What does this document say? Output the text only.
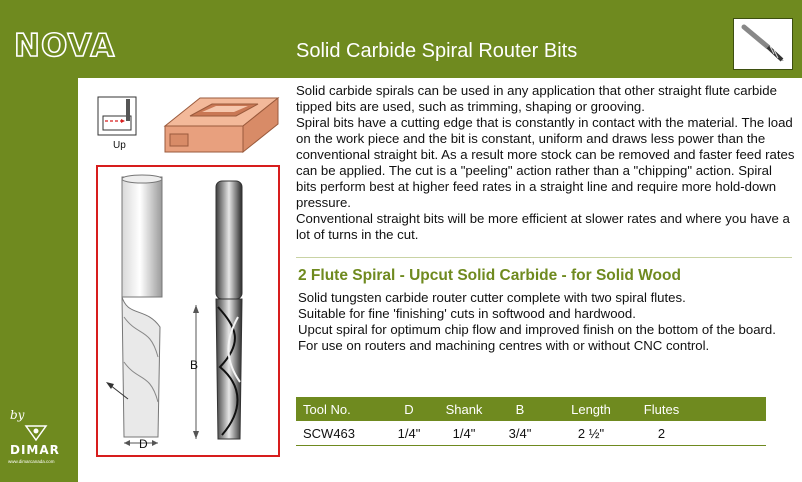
NOVA	Solid Carbide Spiral Router Bits
Up
B
D

Solid carbide spirals can be used in any application that other straight flute carbide tipped bits are used, such as trimming, shaping or grooving.

Spiral bits have a cutting edge that is constantly in contact with the material. The load on the work piece and the bit is constant, uniform and draws less power than the conventional straight bit. As a result more stock can be removed and faster feed rates can be applied. The cut is a "peeling" action rather than a "chipping" action. Spiral bits perform best at higher feed rates in a straight line and require more hold-down pressure.

Conventional straight bits will be more efficient at slower rates and where you have a lot of turns in the cut.

2 Flute Spiral - Upcut Solid Carbide - for Solid Wood

Solid tungsten carbide router cutter complete with two spiral flutes.

Suitable for fine 'finishing' cuts in softwood and hardwood.

Upcut spiral for optimum chip flow and improved finish on the bottom of the board.

For use on routers and machining centres with or without CNC control.

Tool No.	D	Shank	B	Length	Flutes
SCW463	1/4"	1/4"	3/4"	2 ½"	2
by
DIMAR
www.dimarcanada.com
